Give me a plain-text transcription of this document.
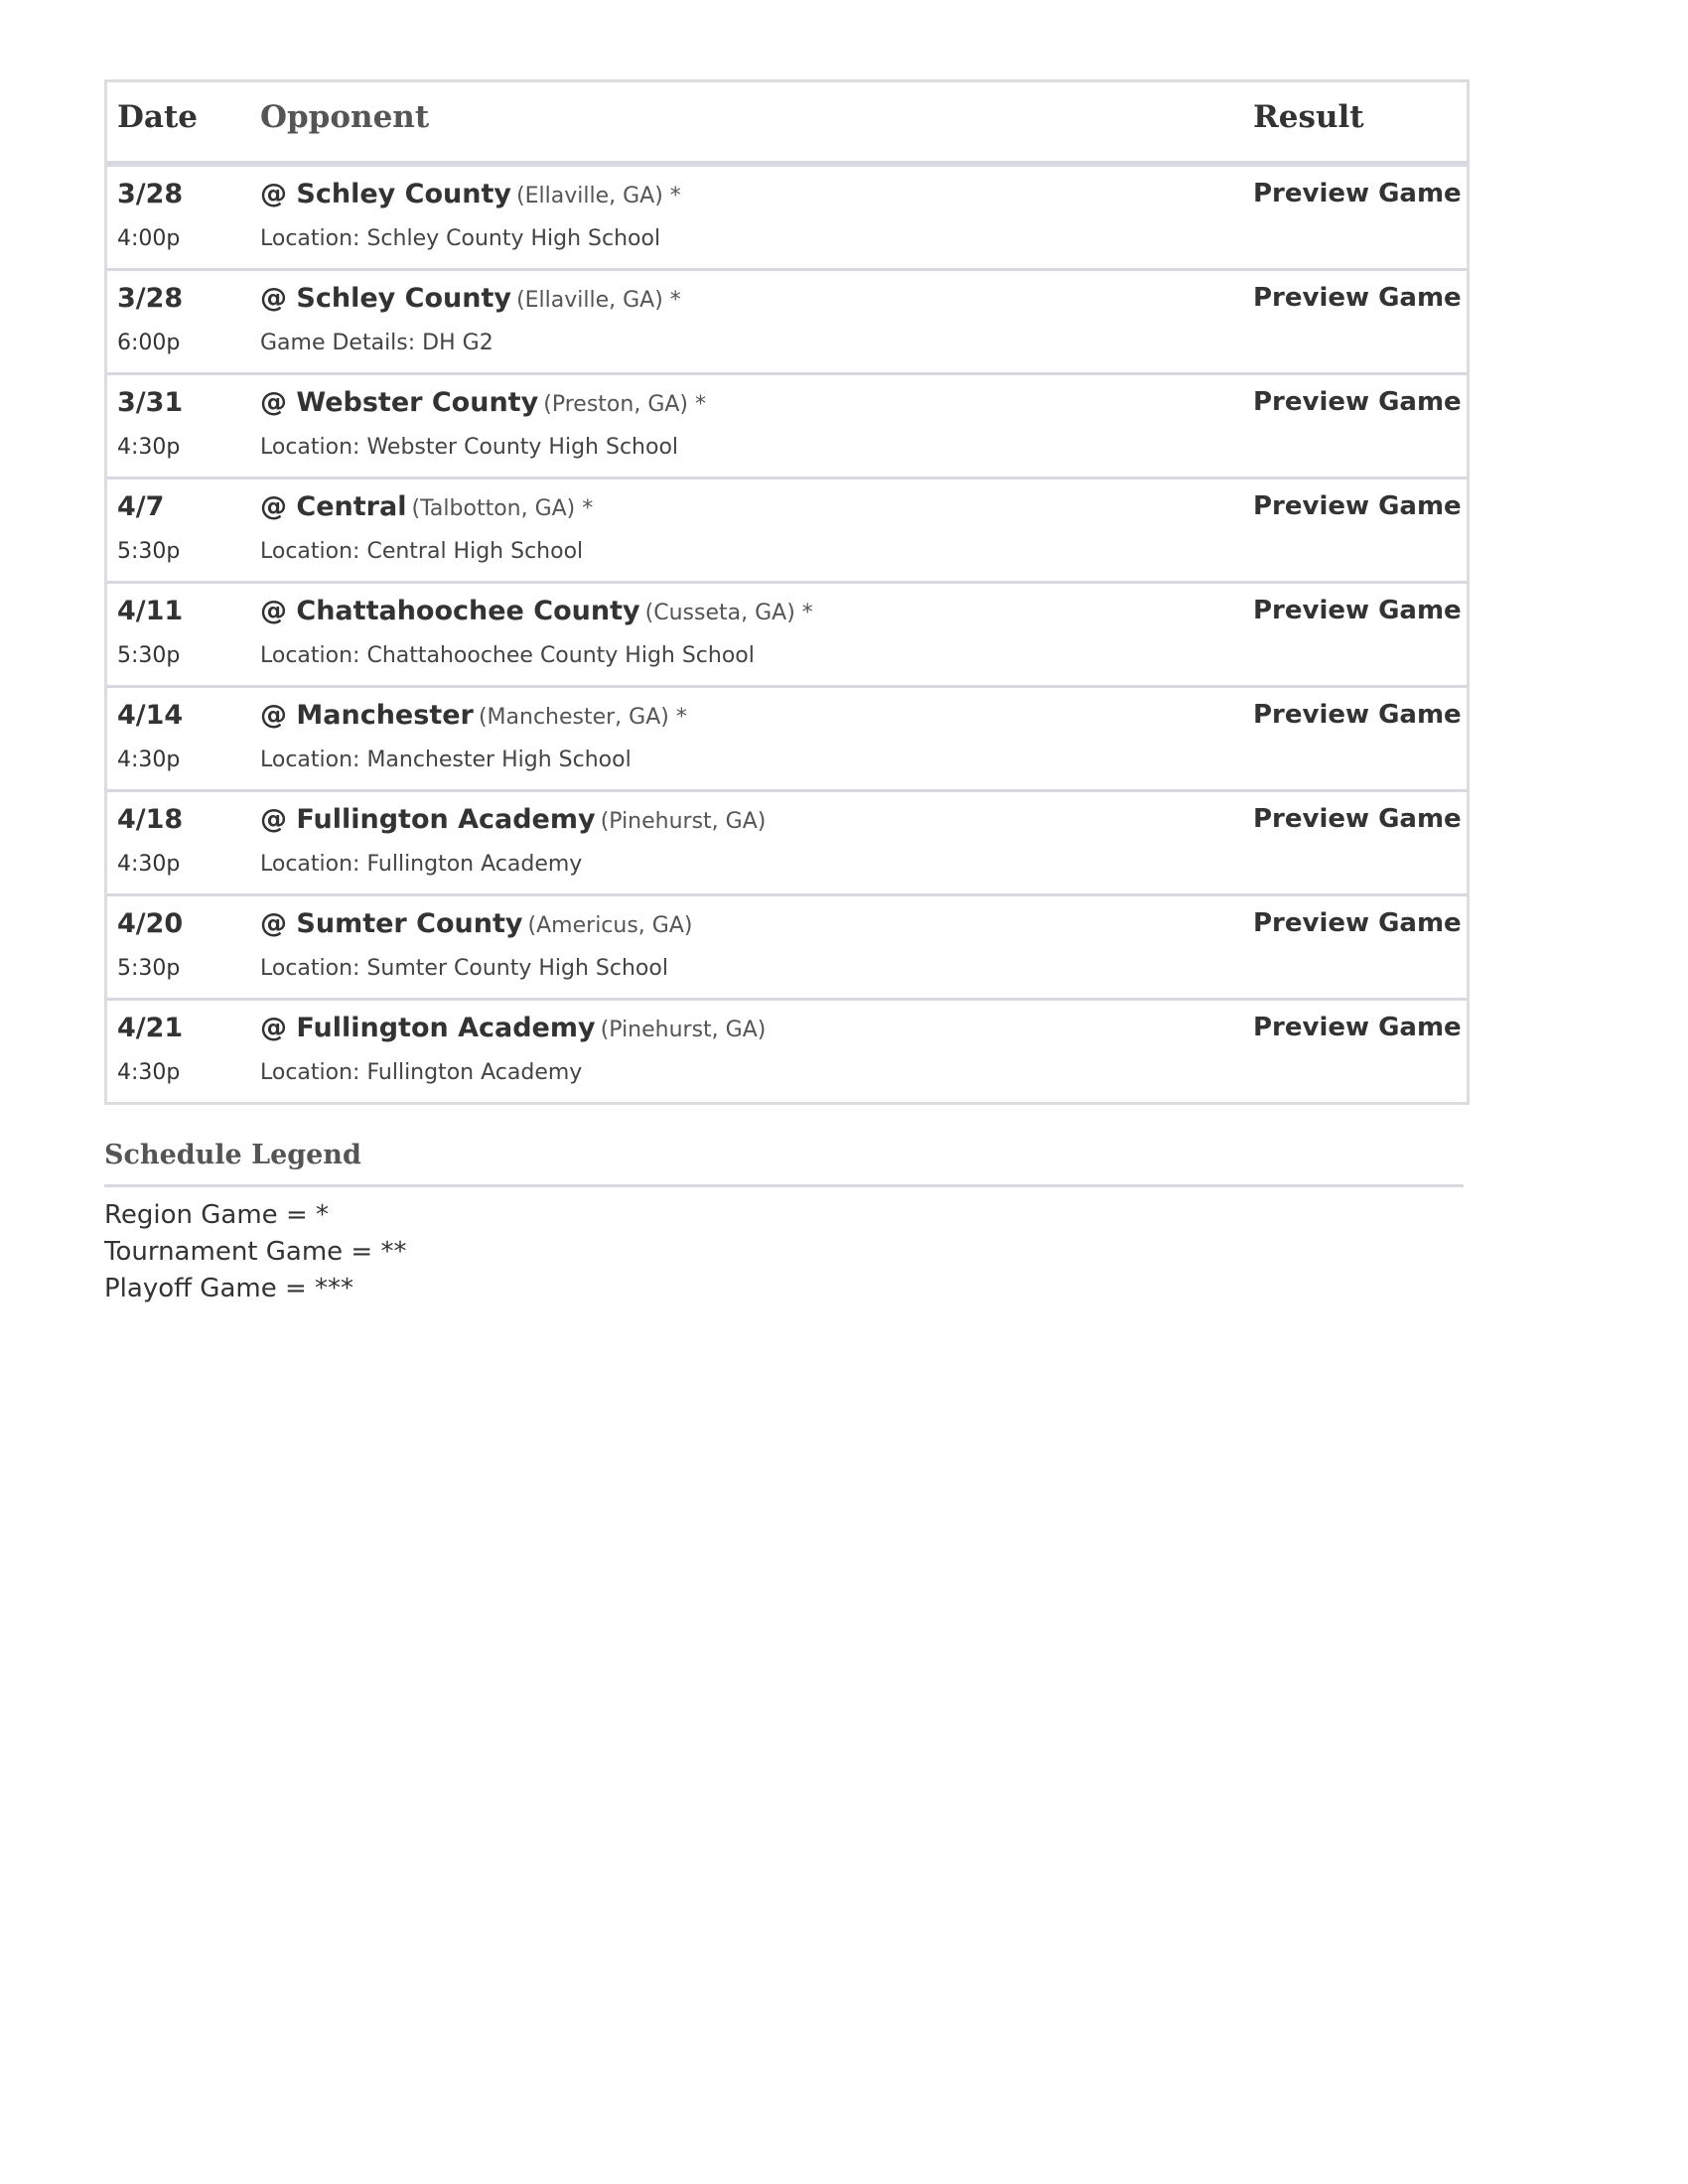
Date Opponent	Result
3/28
4:00p
@ Schley County (Ellaville, GA) *
Location: Schley County High School
Preview Game
3/28
6:00p
@ Schley County (Ellaville, GA) *
Game Details: DH G2
Preview Game
3/31
4:30p
@ Webster County (Preston, GA) *
Location: Webster County High School
Preview Game
4/7
5:30p
@ Central (Talbotton, GA) *
Location: Central High School
Preview Game
4/11
5:30p
@ Chattahoochee County (Cusseta, GA) *
Location: Chattahoochee County High School
Preview Game
4/14
4:30p
@ Manchester (Manchester, GA) *
Location: Manchester High School
Preview Game
4/18
4:30p
@ Fullington Academy (Pinehurst, GA)
Location: Fullington Academy
Preview Game
4/20
5:30p
@ Sumter County (Americus, GA)
Location: Sumter County High School
Preview Game
4/21
4:30p
@ Fullington Academy (Pinehurst, GA)
Location: Fullington Academy
Preview Game
Schedule Legend
Region Game = *
Tournament Game = **
Playoff Game = ***
